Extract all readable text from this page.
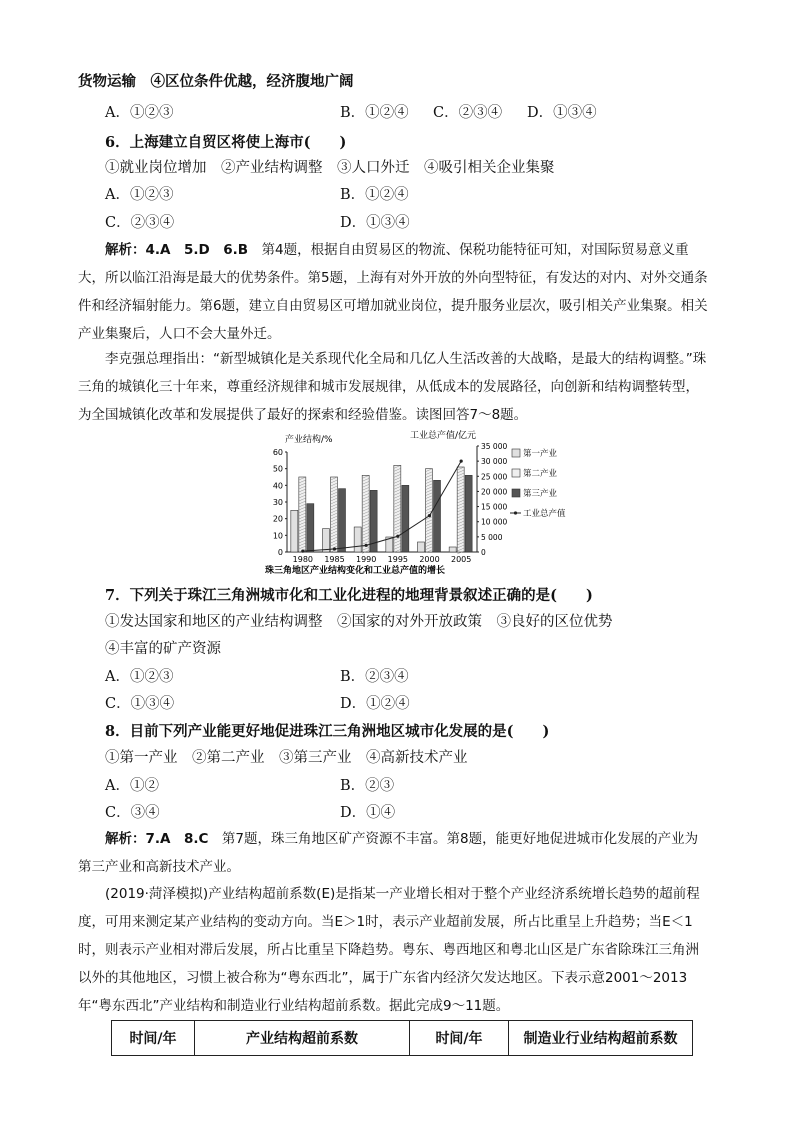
货物运输　④区位条件优越，经济腹地广阔
A．①②③	B．①②④ C．②③④ D．①③④
6．上海建立自贸区将使上海市(　　)
①就业岗位增加　②产业结构调整　③人口外迁　④吸引相关企业集聚
A．①②③	B．①②④
C．②③④	D．①③④
解析：4.A　5.D　6.B　第4题，根据自由贸易区的物流、保税功能特征可知，对国际贸易意义重大，所以临江沿海是最大的优势条件。第5题，上海有对外开放的外向型特征，有发达的对内、对外交通条件和经济辐射能力。第6题，建立自由贸易区可增加就业岗位，提升服务业层次，吸引相关产业集聚。相关产业集聚后，人口不会大量外迁。
李克强总理指出：“新型城镇化是关系现代化全局和几亿人生活改善的大战略，是最大的结构调整。”珠三角的城镇化三十年来，尊重经济规律和城市发展规律，从低成本的发展路径，向创新和结构调整转型，为全国城镇化改革和发展提供了最好的探索和经验借鉴。读图回答7～8题。
产业结构/%	工业总产值/亿元
0
10
20
30
40
50
60
0
5 000
10 000
15 000
20 000
25 000
30 000
35 000
1980 1985 1990 1995 2000 2005
第一产业
第二产业
第三产业
工业总产值
珠三角地区产业结构变化和工业总产值的增长
7．下列关于珠江三角洲城市化和工业化进程的地理背景叙述正确的是(　　)
①发达国家和地区的产业结构调整　②国家的对外开放政策　③良好的区位优势
④丰富的矿产资源
A．①②③	B．②③④
C．①③④	D．①②④
8．目前下列产业能更好地促进珠江三角洲地区城市化发展的是(　　)
①第一产业　②第二产业　③第三产业　④高新技术产业
A．①②	B．②③
C．③④	D．①④
解析：7.A　8.C　第7题，珠三角地区矿产资源不丰富。第8题，能更好地促进城市化发展的产业为第三产业和高新技术产业。
(2019·菏泽模拟)产业结构超前系数(E)是指某一产业增长相对于整个产业经济系统增长趋势的超前程度，可用来测定某产业结构的变动方向。当E＞1时，表示产业超前发展，所占比重呈上升趋势；当E＜1时，则表示产业相对滞后发展，所占比重呈下降趋势。粤东、粤西地区和粤北山区是广东省除珠江三角洲以外的其他地区，习惯上被合称为“粤东西北”，属于广东省内经济欠发达地区。下表示意2001～2013年“粤东西北”产业结构和制造业行业结构超前系数。据此完成9～11题。
时间/年	产业结构超前系数	时间/年	制造业行业结构超前系数
